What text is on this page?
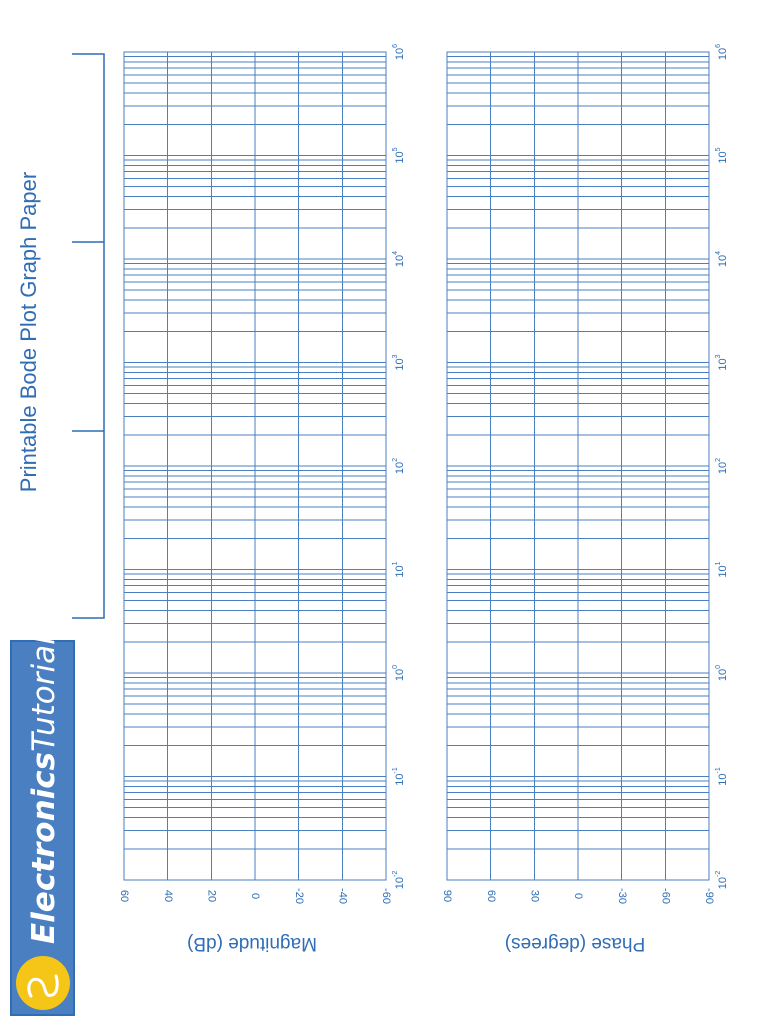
Printable Bode Plot Graph Paper
ElectronicsTutorials
60	40	20	0	-20	-40	-60
$10^{-2}$
$10^{-1}$
$10^0$
$10^1$
$10^2$
$10^3$
$10^4$
$10^5$
$10^6$
Magnitude (dB)
90	60	30	0	-30	-60	-90
$10^{-2}$
$10^{-1}$
$10^0$
$10^1$
$10^2$
$10^3$
$10^4$
$10^5$
$10^6$
Phase (degrees)
